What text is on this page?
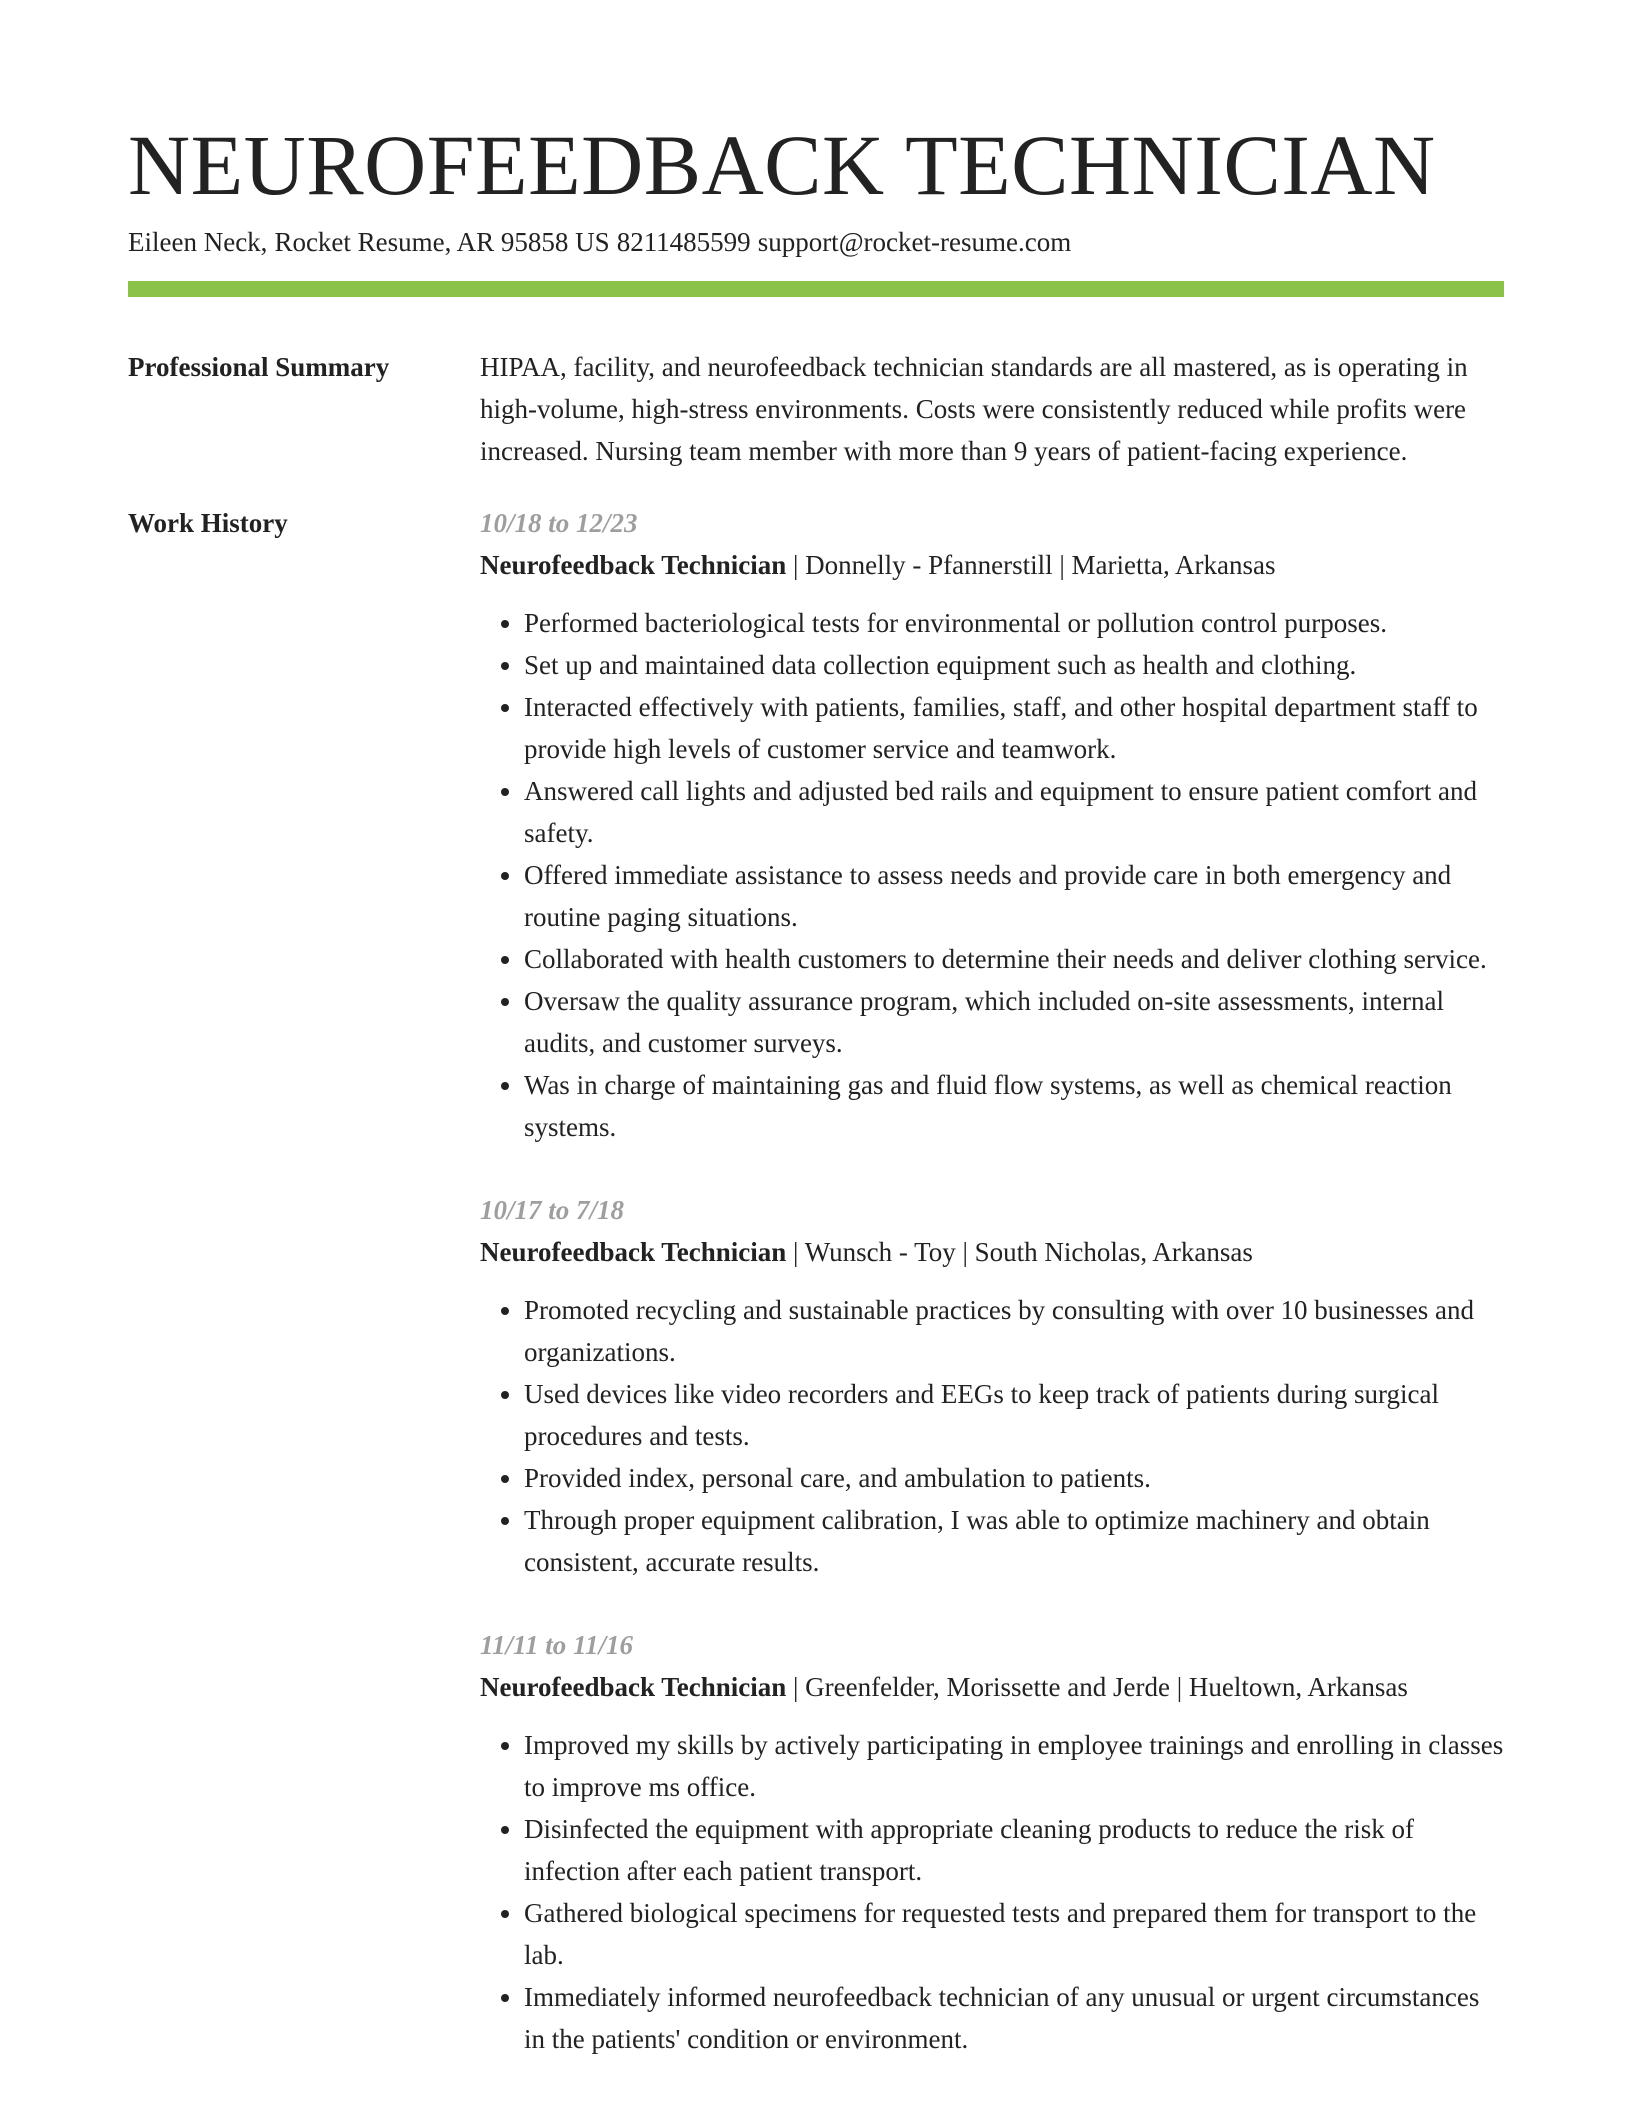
NEUROFEEDBACK TECHNICIAN
Eileen Neck, Rocket Resume, AR 95858 US 8211485599 support@rocket-resume.com
Professional Summary	HIPAA, facility, and neurofeedback technician standards are all mastered, as is operating in high-volume, high-stress environments. Costs were consistently reduced while profits were increased. Nursing team member with more than 9 years of patient-facing experience.
Work History	10/18 to 12/23
Neurofeedback Technician | Donnelly - Pfannerstill | Marietta, Arkansas
• Performed bacteriological tests for environmental or pollution control purposes.
• Set up and maintained data collection equipment such as health and clothing.
• Interacted effectively with patients, families, staff, and other hospital department staff to provide high levels of customer service and teamwork.
• Answered call lights and adjusted bed rails and equipment to ensure patient comfort and safety.
• Offered immediate assistance to assess needs and provide care in both emergency and routine paging situations.
• Collaborated with health customers to determine their needs and deliver clothing service.
• Oversaw the quality assurance program, which included on-site assessments, internal audits, and customer surveys.
• Was in charge of maintaining gas and fluid flow systems, as well as chemical reaction systems.
10/17 to 7/18
Neurofeedback Technician | Wunsch - Toy | South Nicholas, Arkansas
• Promoted recycling and sustainable practices by consulting with over 10 businesses and organizations.
• Used devices like video recorders and EEGs to keep track of patients during surgical procedures and tests.
• Provided index, personal care, and ambulation to patients.
• Through proper equipment calibration, I was able to optimize machinery and obtain consistent, accurate results.
11/11 to 11/16
Neurofeedback Technician | Greenfelder, Morissette and Jerde | Hueltown, Arkansas
• Improved my skills by actively participating in employee trainings and enrolling in classes to improve ms office.
• Disinfected the equipment with appropriate cleaning products to reduce the risk of infection after each patient transport.
• Gathered biological specimens for requested tests and prepared them for transport to the lab.
• Immediately informed neurofeedback technician of any unusual or urgent circumstances in the patients' condition or environment.
